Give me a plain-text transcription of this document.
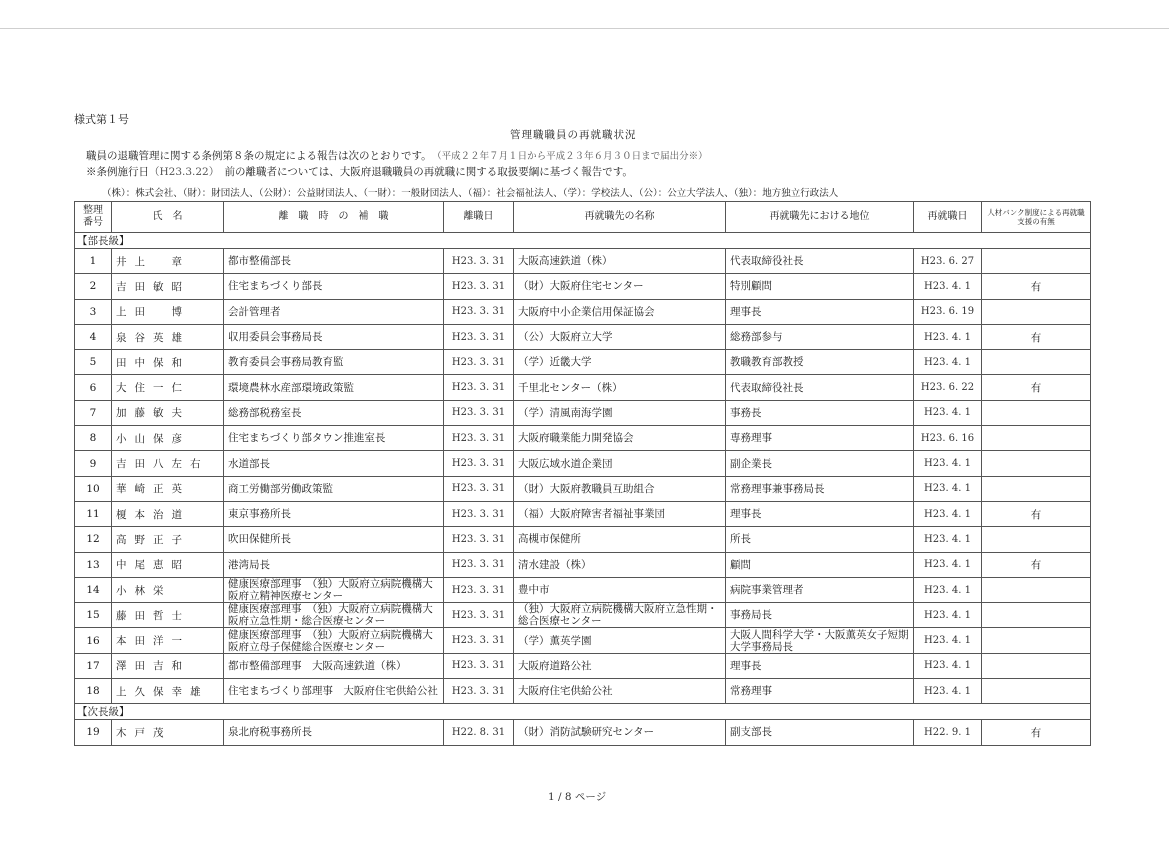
様式第１号
管理職職員の再就職状況
職員の退職管理に関する条例第８条の規定による報告は次のとおりです。　 （平成２２年７月１日から平成２３年６月３０日まで届出分※）
※条例施行日（H23.3.22）　 前の離職者については、大阪府退職職員の再就職に関する取扱要綱に基づく報告です。
（株）：株式会社、（財）：財団法人、（公財）：公益財団法人、（一財）：一般財団法人、（福）：社会福祉法人、（学）：学校法人、（公）：公立大学法人、（独）：地方独立行政法人
整理番号	氏　名	離　職　時　の　補　職	離職日	再就職先の名称	再就職先における地位	再就職日	人材バンク制度による再就職支援の有無
【部長級】							
1	井上　章	都市整備部長	H23. 3. 31	大阪高速鉄道（株）	代表取締役社長	H23. 6. 27	
2	吉田敏昭	住宅まちづくり部長	H23. 3. 31	（財）大阪府住宅センター	特別顧問	H23. 4. 1	有
3	上田　博	会計管理者	H23. 3. 31	大阪府中小企業信用保証協会	理事長	H23. 6. 19	
4	泉谷英雄	収用委員会事務局長	H23. 3. 31	（公）大阪府立大学	総務部参与	H23. 4. 1	有
5	田中保和	教育委員会事務局教育監	H23. 3. 31	（学）近畿大学	教職教育部教授	H23. 4. 1	
6	大住一仁	環境農林水産部環境政策監	H23. 3. 31	千里北センター（株）	代表取締役社長	H23. 6. 22	有
7	加藤敏夫	総務部税務室長	H23. 3. 31	（学）清風南海学園	事務長	H23. 4. 1	
8	小山保彦	住宅まちづくり部タウン推進室長	H23. 3. 31	大阪府職業能力開発協会	専務理事	H23. 6. 16	
9	吉田八左右	水道部長	H23. 3. 31	大阪広域水道企業団	副企業長	H23. 4. 1	
10	華崎正英	商工労働部労働政策監	H23. 3. 31	（財）大阪府教職員互助組合	常務理事兼事務局長	H23. 4. 1	
11	榎本治道	東京事務所長	H23. 3. 31	（福）大阪府障害者福祉事業団	理事長	H23. 4. 1	有
12	高野正子	吹田保健所長	H23. 3. 31	高槻市保健所	所長	H23. 4. 1	
13	中尾恵昭	港湾局長	H23. 3. 31	清水建設（株）	顧問	H23. 4. 1	有
14	小林栄	健康医療部理事　（独）大阪府立病院機構大阪府立精神医療センター	H23. 3. 31	豊中市	病院事業管理者	H23. 4. 1	
15	藤田哲士	健康医療部理事　（独）大阪府立病院機構大阪府立急性期・総合医療センター	H23. 3. 31	（独）大阪府立病院機構大阪府立急性期・総合医療センター	事務局長	H23. 4. 1	
16	本田洋一	健康医療部理事　（独）大阪府立病院機構大阪府立母子保健総合医療センター	H23. 3. 31	（学）薫英学園	大阪人間科学大学・大阪薫英女子短期大学事務局長	H23. 4. 1	
17	澤田吉和	都市整備部理事　大阪高速鉄道（株）	H23. 3. 31	大阪府道路公社	理事長	H23. 4. 1	
18	上久保幸雄	住宅まちづくり部理事　大阪府住宅供給公社	H23. 3. 31	大阪府住宅供給公社	常務理事	H23. 4. 1	
【次長級】							
19	木戸茂	泉北府税事務所長	H22. 8. 31	（財）消防試験研究センター	副支部長	H22. 9. 1	有
1 / 8 ページ
